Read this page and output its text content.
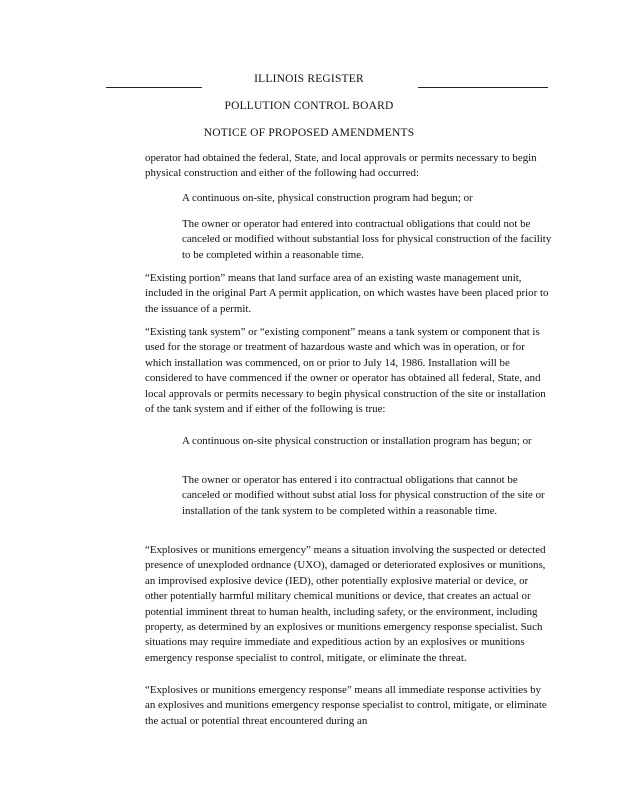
ILLINOIS REGISTER
POLLUTION CONTROL BOARD
NOTICE OF PROPOSED AMENDMENTS

operator had obtained the federal, State, and local approvals or permits necessary to begin physical construction and either of the following had occurred:

A continuous on-site, physical construction program had begun; or

The owner or operator had entered into contractual obligations that could not be canceled or modified without substantial loss for physical construction of the facility to be completed within a reasonable time.

“Existing portion” means that land surface area of an existing waste management unit, included in the original Part A permit application, on which wastes have been placed prior to the issuance of a permit.

“Existing tank system” or “existing component” means a tank system or component that is used for the storage or treatment of hazardous waste and which was in operation, or for which installation was commenced, on or prior to July 14, 1986. Installation will be considered to have commenced if the owner or operator has obtained all federal, State, and local approvals or permits necessary to begin physical construction of the site or installation of the tank system and if either of the following is true:

A continuous on-site physical construction or installation program has begun; or

The owner or operator has entered i ito contractual obligations that cannot be canceled or modified without subst atial loss for physical construction of the site or installation of the tank system to be completed within a reasonable time.

“Explosives or munitions emergency” means a situation involving the suspected or detected presence of unexploded ordnance (UXO), damaged or deteriorated explosives or munitions, an improvised explosive device (IED), other potentially explosive material or device, or other potentially harmful military chemical munitions or device, that creates an actual or potential imminent threat to human health, including safety, or the environment, including property, as determined by an explosives or munitions emergency response specialist. Such situations may require immediate and expeditious action by an explosives or munitions emergency response specialist to control, mitigate, or eliminate the threat.

“Explosives or munitions emergency response” means all immediate response activities by an explosives and munitions emergency response specialist to control, mitigate, or eliminate the actual or potential threat encountered during an
